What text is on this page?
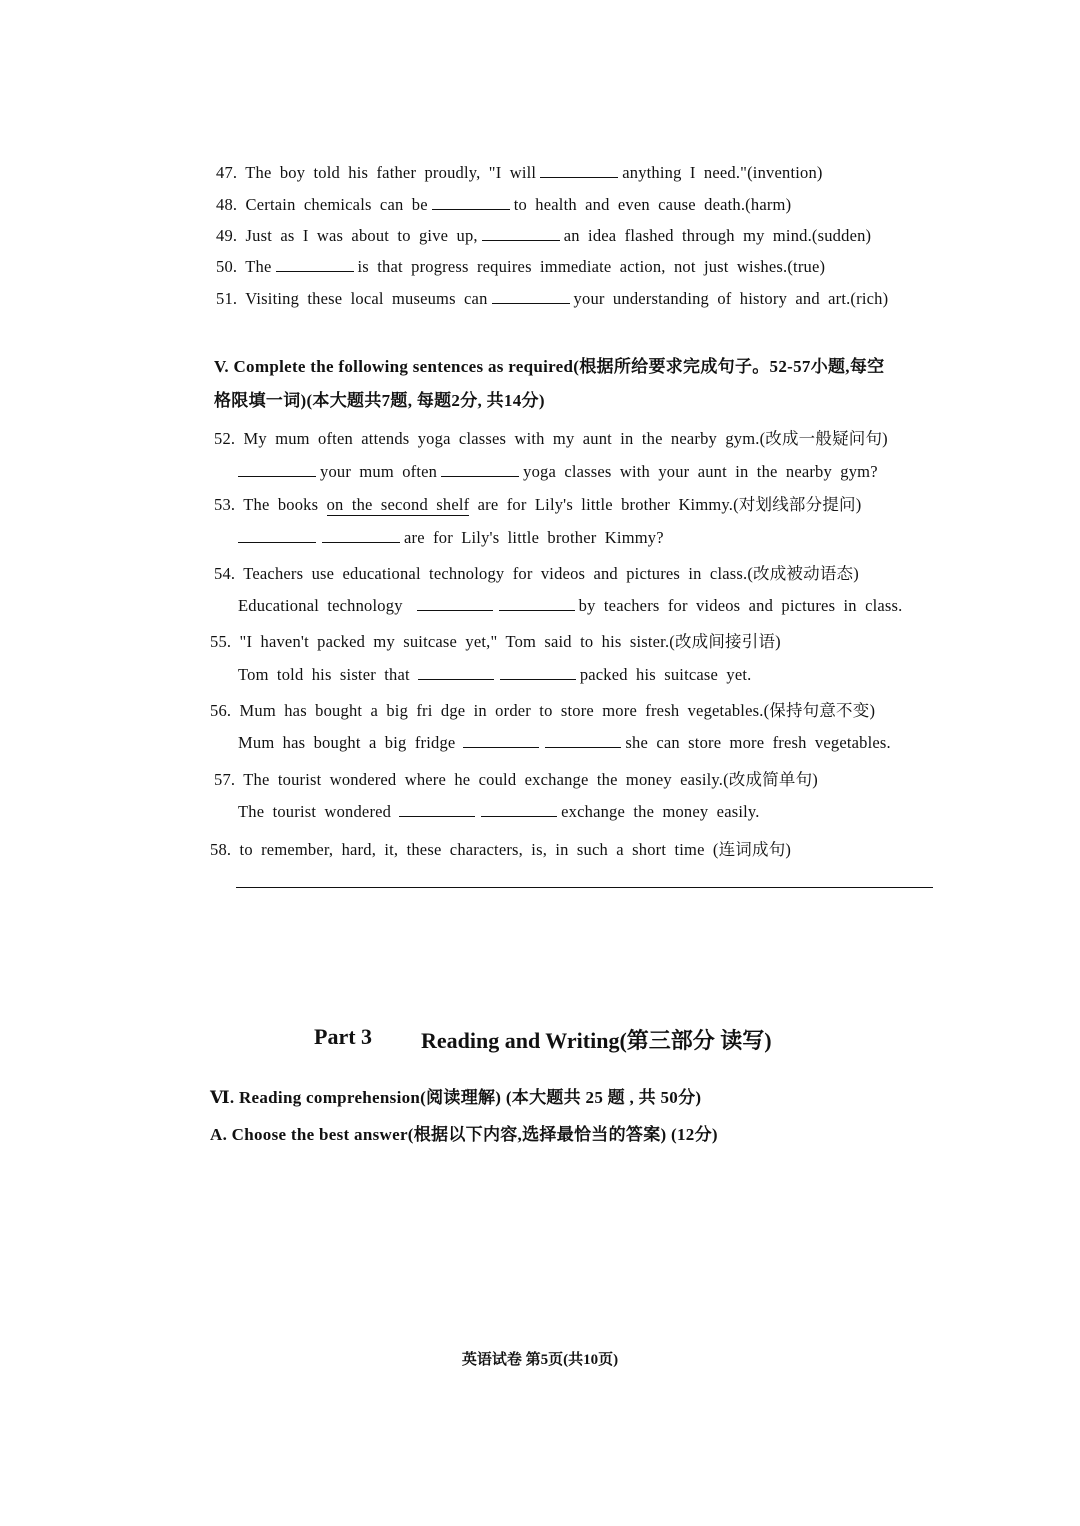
47. The boy told his father proudly, "I will	anything I need."(invention)
48. Certain chemicals can be	to health and even cause death.(harm)
49. Just as I was about to give up,	an idea flashed through my mind.(sudden)
50. The	is that progress requires immediate action, not just wishes.(true)
51. Visiting these local museums can	your understanding of history and art.(rich)
V. Complete the following sentences as required(根据所给要求完成句子。52-57小题,每空
格限填一词)(本大题共7题, 每题2分, 共14分)
52. My mum often attends yoga classes with my aunt in the nearby gym.(改成一般疑问句)
your mum often	yoga classes with your aunt in the nearby gym?
53. The books on the second shelf are for Lily's little brother Kimmy.(对划线部分提问)
are for Lily's little brother Kimmy?
54. Teachers use educational technology for videos and pictures in class.(改成被动语态)
Educational technology	by teachers for videos and pictures in class.
55. "I haven't packed my suitcase yet," Tom said to his sister.(改成间接引语)
Tom told his sister that	packed his suitcase yet.
56. Mum has bought a big fri dge in order to store more fresh vegetables.(保持句意不变)
Mum has bought a big fridge	she can store more fresh vegetables.
57. The tourist wondered where he could exchange the money easily.(改成简单句)
The tourist wondered	exchange the money easily.
58. to remember, hard, it, these characters, is, in such a short time (连词成句)
Part 3 Reading and Writing(第三部分 读写)
Ⅵ. Reading comprehension(阅读理解) (本大题共 25 题 , 共 50分)
A. Choose the best answer(根据以下内容,选择最恰当的答案) (12分)
英语试卷 第5页(共10页)
